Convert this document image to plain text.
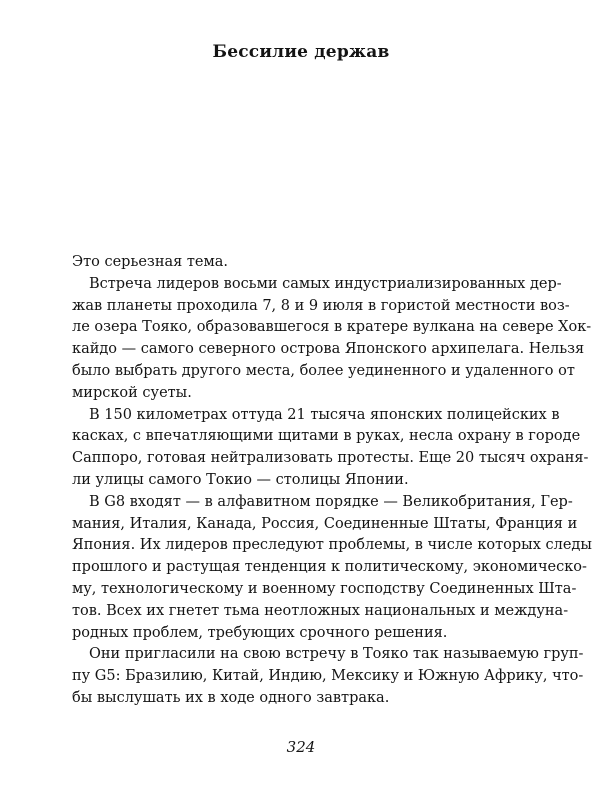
Бессилие держав
Это серьезная тема.
Встреча лидеров восьми самых индустриализированных дер-
жав планеты проходила 7, 8 и 9 июля в гористой местности воз-
ле озера Тояко, образовавшегося в кратере вулкана на севере Хок-
кайдо — самого северного острова Японского архипелага. Нельзя
было выбрать другого места, более уединенного и удаленного от
мирской суеты.
В 150 километрах оттуда 21 тысяча японских полицейских в
касках, с впечатляющими щитами в руках, несла охрану в городе
Саппоро, готовая нейтрализовать протесты. Еще 20 тысяч охраня-
ли улицы самого Токио — столицы Японии.
В G8 входят — в алфавитном порядке — Великобритания, Гер-
мания, Италия, Канада, Россия, Соединенные Штаты, Франция и
Япония. Их лидеров преследуют проблемы, в числе которых следы
прошлого и растущая тенденция к политическому, экономическо-
му, технологическому и военному господству Соединенных Шта-
тов. Всех их гнетет тьма неотложных национальных и междуна-
родных проблем, требующих срочного решения.
Они пригласили на свою встречу в Тояко так называемую груп-
пу G5: Бразилию, Китай, Индию, Мексику и Южную Африку, что-
бы выслушать их в ходе одного завтрака.

324
